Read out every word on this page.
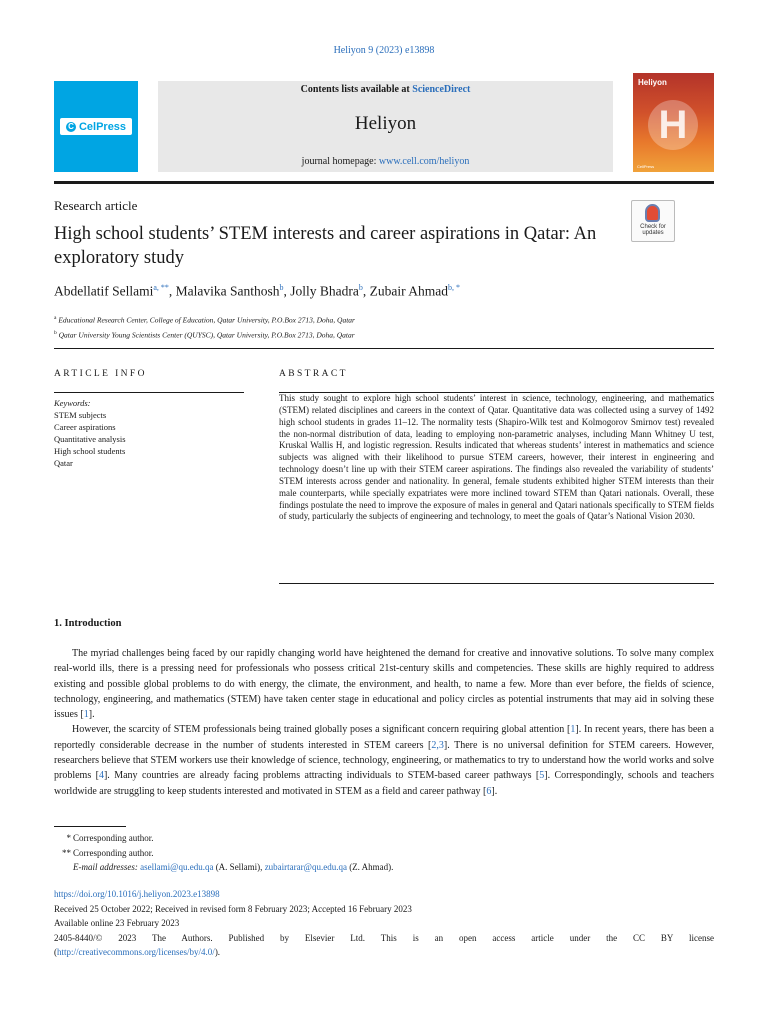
Heliyon 9 (2023) e13898
C CelPress
Contents lists available at ScienceDirect
Heliyon
journal homepage: www.cell.com/heliyon
Heliyon
H
CellPress
Research article
Check for
updates
High school students’ STEM interests and career aspirations in Qatar: An exploratory study
Abdellatif Sellami$^{a, **}$, Malavika Santhosh$^b$, Jolly Bhadra$^b$, Zubair Ahmad$^{b, *}$
$^a$ Educational Research Center, College of Education, Qatar University, P.O.Box 2713, Doha, Qatar
$^b$ Qatar University Young Scientists Center (QUYSC), Qatar University, P.O.Box 2713, Doha, Qatar
ARTICLE INFO	ABSTRACT
Keywords:
STEM subjects
Career aspirations
Quantitative analysis
High school students
Qatar
This study sought to explore high school students’ interest in science, technology, engineering, and mathematics (STEM) related disciplines and careers in the context of Qatar. Quantitative data was collected using a survey of 1492 high school students in grades 11–12. The normality tests (Shapiro-Wilk test and Kolmogorov Smirnov test) revealed the non-normal distribution of data, leading to employing non-parametric analyses, including Mann Whitney U test, Kruskal Wallis H, and logistic regression. Results indicated that whereas students’ interest in mathematics and science subjects was aligned with their likelihood to pursue STEM careers, however, their interest in engineering and technology doesn’t line up with their STEM career aspirations. The findings also revealed the variability of students’ STEM interests across gender and nationality. In general, female students exhibited higher STEM interests than their male counterparts, while specially expatriates were more inclined toward STEM than Qatari nationals. Overall, these findings postulate the need to improve the exposure of males in general and Qatari nationals specifically to STEM fields of study, particularly the subjects of engineering and technology, to meet the goals of Qatar’s National Vision 2030.
1. Introduction

The myriad challenges being faced by our rapidly changing world have heightened the demand for creative and innovative solutions. To solve many complex real-world ills, there is a pressing need for professionals who possess critical 21st-century skills and competencies. These skills are highly required to address existing and possible global problems to do with energy, the climate, the environment, and health, to name a few. More than ever before, the fields of science, technology, engineering, and mathematics (STEM) have taken center stage in educational and policy circles as potential instruments that may aid in solving these issues [1].

However, the scarcity of STEM professionals being trained globally poses a significant concern requiring global attention [1]. In recent years, there has been a reportedly considerable decrease in the number of students interested in STEM careers [2,3]. There is no universal definition for STEM careers. However, researchers believe that STEM workers use their knowledge of science, technology, engineering, or mathematics to try to understand how the world works and solve problems [4]. Many countries are already facing problems attracting individuals to STEM-based career pathways [5]. Correspondingly, schools and teachers worldwide are struggling to keep students interested and motivated in STEM as a field and career pathway [6].

* Corresponding author.
** Corresponding author.
E-mail addresses: asellami@qu.edu.qa (A. Sellami), zubairtarar@qu.edu.qa (Z. Ahmad).
https://doi.org/10.1016/j.heliyon.2023.e13898
Received 25 October 2022; Received in revised form 8 February 2023; Accepted 16 February 2023
Available online 23 February 2023
2405-8440/© 2023 The Authors. Published by Elsevier Ltd. This is an open access article under the CC BY license
(http://creativecommons.org/licenses/by/4.0/).
